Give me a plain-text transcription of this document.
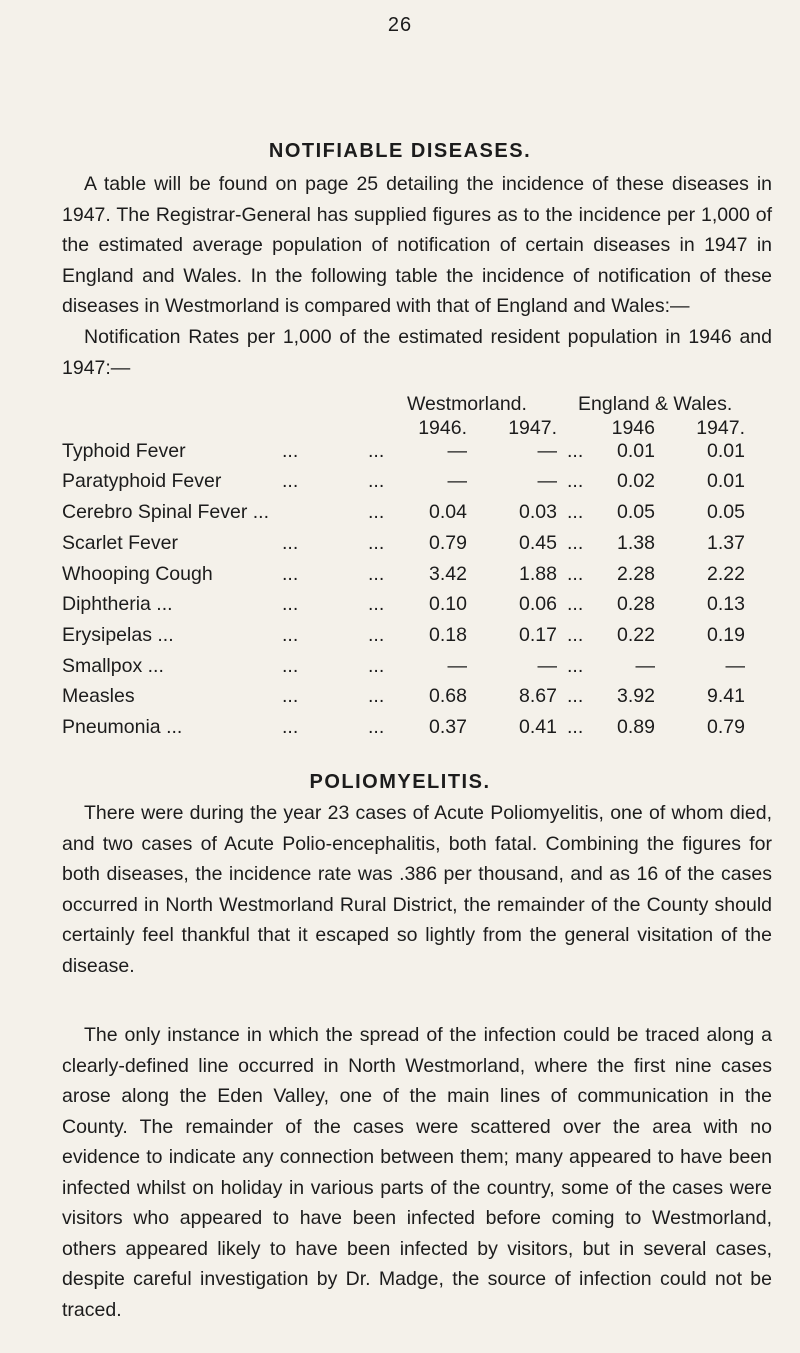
26
NOTIFIABLE DISEASES.

A table will be found on page 25 detailing the incidence of these diseases in 1947. The Registrar-General has supplied figures as to the incidence per 1,000 of the estimated average population of notification of certain diseases in 1947 in England and Wales. In the following table the incidence of notification of these diseases in Westmorland is compared with that of England and Wales:—

Notification Rates per 1,000 of the estimated resident population in 1946 and 1947:—

Westmorland.	England & Wales.
1946.	1947.	1946	1947.
Typhoid Fever	...	...	—	— ...	0.01	0.01
Paratyphoid Fever	...	...	—	— ...	0.02	0.01
Cerebro Spinal Fever ...	...	0.04	0.03 ...	0.05	0.05
Scarlet Fever	...	...	0.79	0.45 ...	1.38	1.37
Whooping Cough	...	...	3.42	1.88 ...	2.28	2.22
Diphtheria ...	...	...	0.10	0.06 ...	0.28	0.13
Erysipelas ...	...	...	0.18	0.17 ...	0.22	0.19
Smallpox ...	...	...	—	— ...	—	—
Measles	...	...	0.68	8.67 ...	3.92	9.41
Pneumonia ...	...	...	0.37	0.41 ...	0.89	0.79
POLIOMYELITIS.

There were during the year 23 cases of Acute Poliomyelitis, one of whom died, and two cases of Acute Polio-encephalitis, both fatal. Combining the figures for both diseases, the incidence rate was .386 per thousand, and as 16 of the cases occurred in North Westmorland Rural District, the remainder of the County should certainly feel thankful that it escaped so lightly from the general visitation of the disease.

The only instance in which the spread of the infection could be traced along a clearly-defined line occurred in North Westmorland, where the first nine cases arose along the Eden Valley, one of the main lines of communication in the County. The remainder of the cases were scattered over the area with no evidence to indicate any connection between them; many appeared to have been infected whilst on holiday in various parts of the country, some of the cases were visitors who appeared to have been infected before coming to Westmorland, others appeared likely to have been infected by visitors, but in several cases, despite careful investigation by Dr. Madge, the source of infection could not be traced.
